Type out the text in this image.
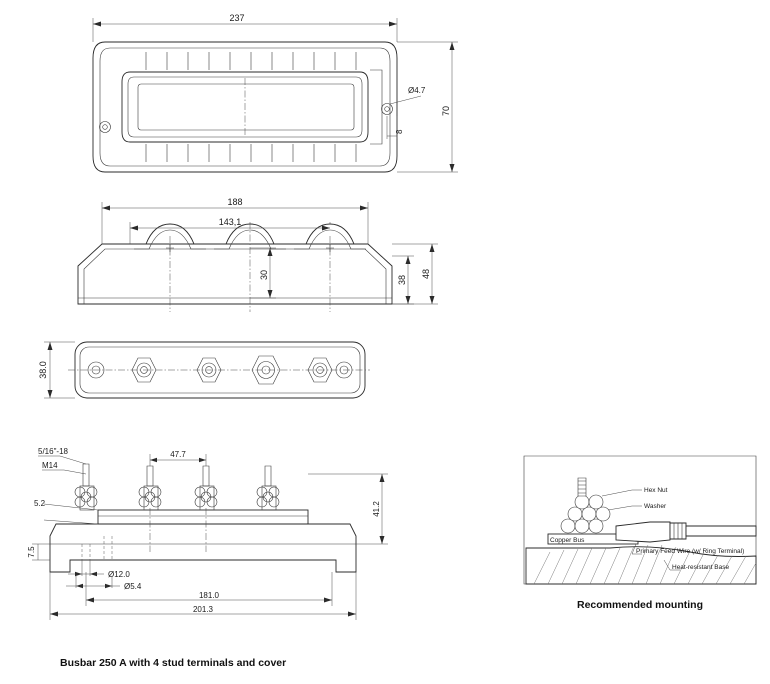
237
70
Ø4.7
8
188
143,1
30	38
48
38.0
5/16"-18
M14
47.7
5.2
7.5
41.2
Ø12.0
Ø5.4
181.0
201.3
Hex Nut
Washer
Copper Bus
Primary Feed Wire (w/ Ring Terminal)
Heat-resistant Base
Recommended mounting
Busbar 250 A with 4 stud terminals and cover
